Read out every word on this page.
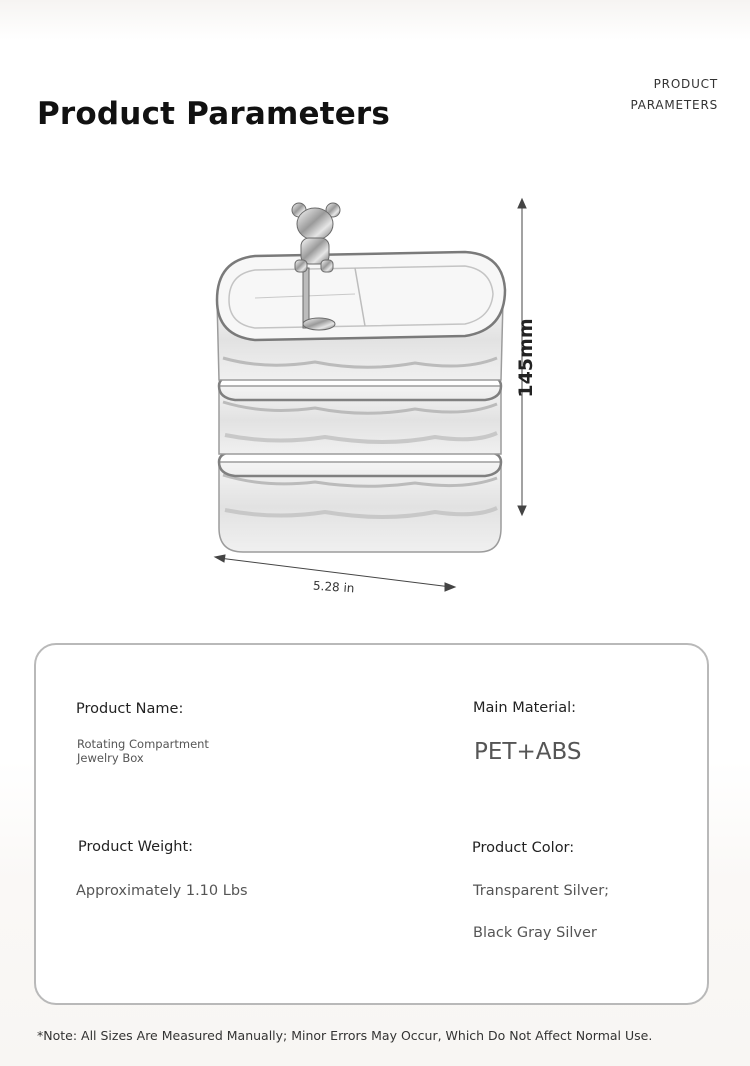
Product Parameters
PRODUCT
PARAMETERS
145mm
5.28 in
Product Name:
Rotating Compartment Jewelry Box
Main Material:
PET+ABS
Product Weight:
Approximately 1.10 Lbs
Product Color:
Transparent Silver;
Black Gray Silver
*Note: All Sizes Are Measured Manually; Minor Errors May Occur, Which Do Not Affect Normal Use.
